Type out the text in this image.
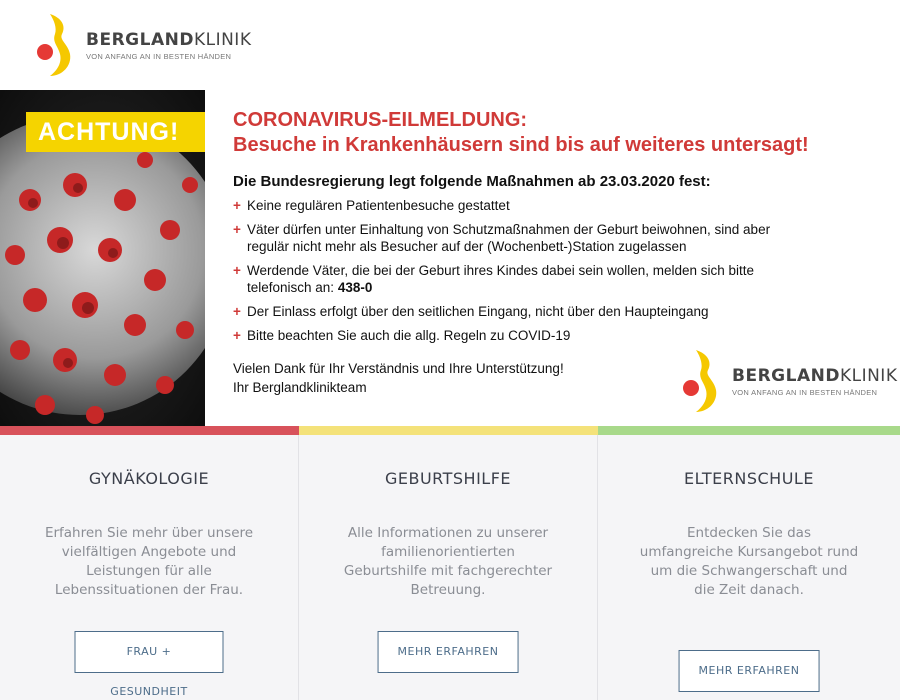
BERGLANDKLINIK
VON ANFANG AN IN BESTEN HÄNDEN
ACHTUNG!	CORONAVIRUS-EILMELDUNG:
Besuche in Krankenhäusern sind bis auf weiteres untersagt!
Die Bundesregierung legt folgende Maßnahmen ab 23.03.2020 fest:
+ Keine regulären Patientenbesuche gestattet
+ Väter dürfen unter Einhaltung von Schutzmaßnahmen der Geburt beiwohnen, sind aber regulär nicht mehr als Besucher auf der (Wochenbett-)Station zugelassen
+ Werdende Väter, die bei der Geburt ihres Kindes dabei sein wollen, melden sich bitte telefonisch an: 438-0
+ Der Einlass erfolgt über den seitlichen Eingang, nicht über den Haupteingang
+ Bitte beachten Sie auch die allg. Regeln zu COVID-19
Vielen Dank für Ihr Verständnis und Ihre Unterstützung!
Ihr Berglandklinikteam
BERGLANDKLINIK
VON ANFANG AN IN BESTEN HÄNDEN
GYNÄKOLOGIE

Erfahren Sie mehr über unsere vielfältigen Angebote und Leistungen für alle Lebenssituationen der Frau.

FRAU + GESUNDHEIT
GEBURTSHILFE

Alle Informationen zu unserer familienorientierten Geburtshilfe mit fachgerechter Betreuung.

MEHR ERFAHREN
ELTERNSCHULE

Entdecken Sie das umfangreiche Kursangebot rund um die Schwangerschaft und die Zeit danach.

MEHR ERFAHREN
